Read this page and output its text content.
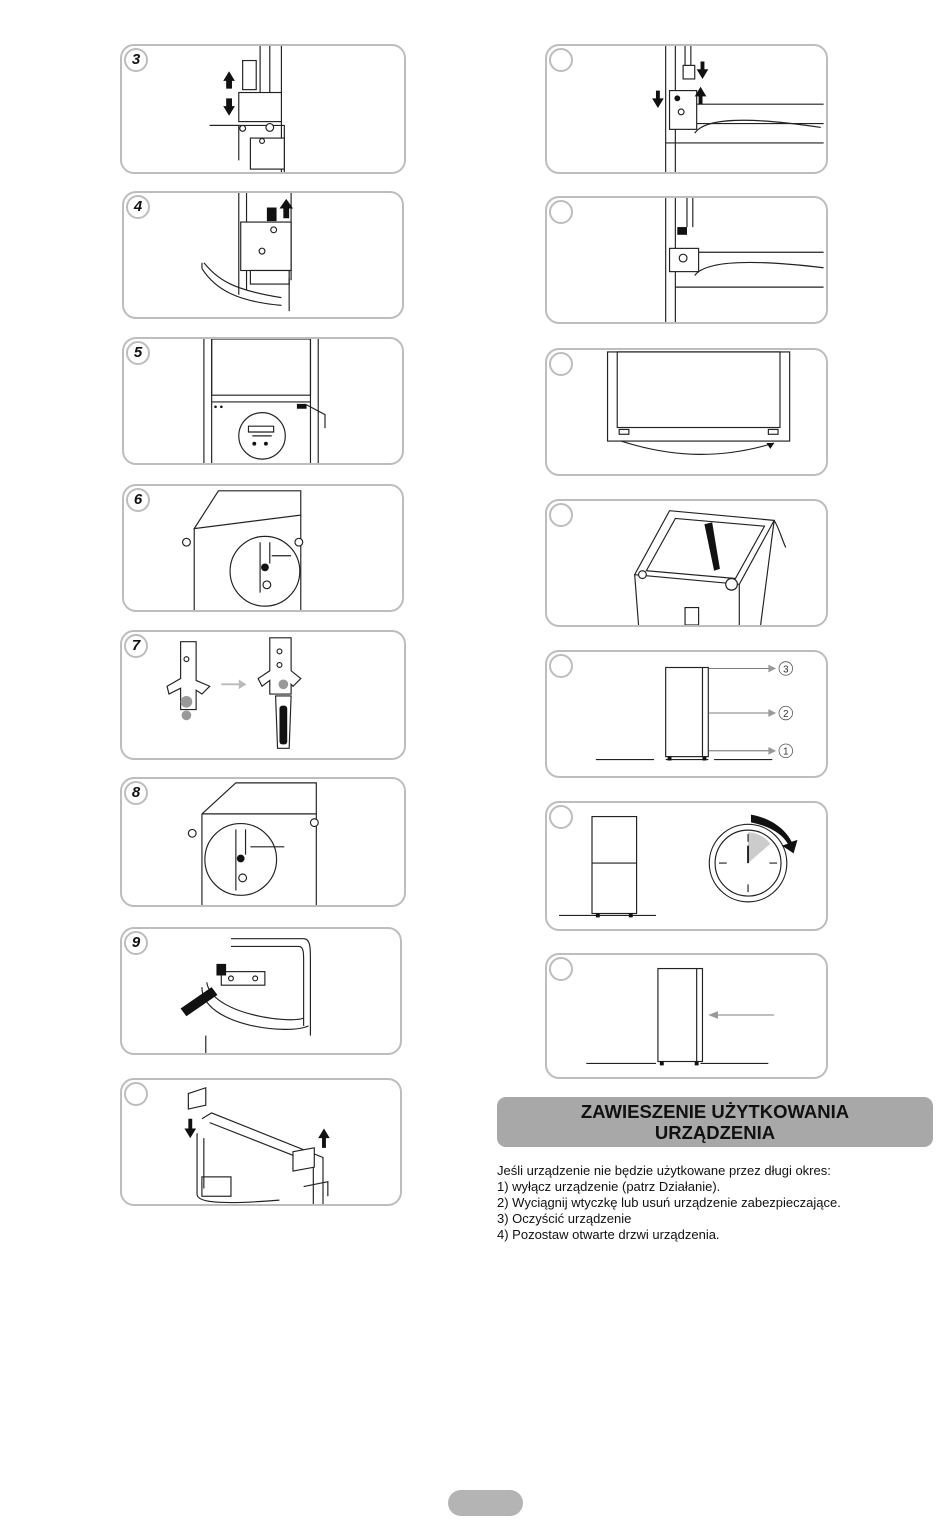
3
4
5
6
7
8
9
3
2
1
ZAWIESZENIE UŻYTKOWANIA
URZĄDZENIA
Jeśli urządzenie nie będzie użytkowane przez długi okres:
1) wyłącz urządzenie (patrz Działanie).
2) Wyciągnij wtyczkę lub usuń urządzenie zabezpieczające.
3) Oczyścić urządzenie
4) Pozostaw otwarte drzwi urządzenia.
